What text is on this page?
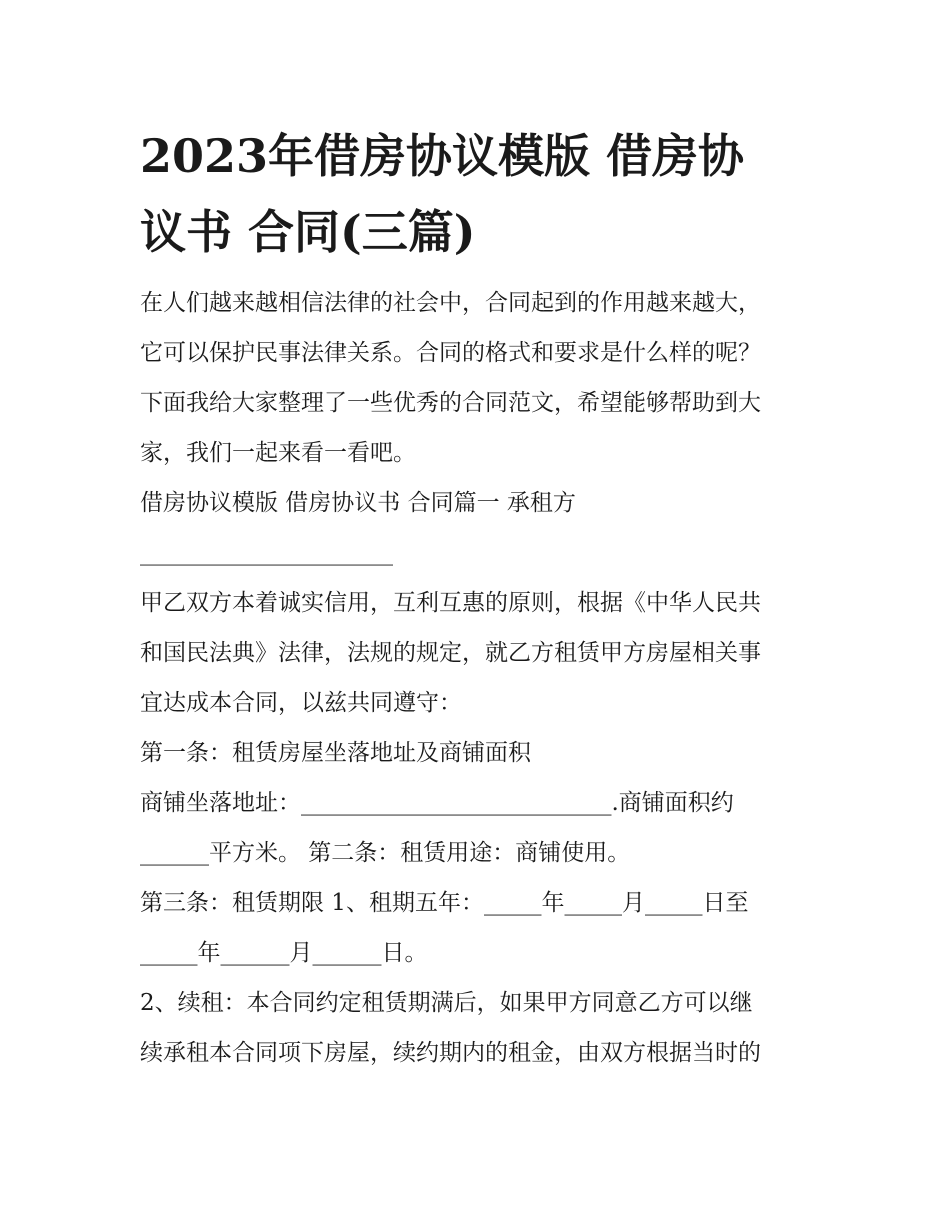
2023年借房协议模版 借房协
议书 合同(三篇)

在人们越来越相信法律的社会中，合同起到的作用越来越大，

它可以保护民事法律关系。合同的格式和要求是什么样的呢？

下面我给大家整理了一些优秀的合同范文，希望能够帮助到大

家，我们一起来看一看吧。

借房协议模版 借房协议书 合同篇一 承租方

______________________

甲乙双方本着诚实信用，互利互惠的原则，根据《中华人民共

和国民法典》法律，法规的规定，就乙方租赁甲方房屋相关事

宜达成本合同，以兹共同遵守：

第一条：租赁房屋坐落地址及商铺面积

商铺坐落地址：___________________________.商铺面积约

______平方米。 第二条：租赁用途：商铺使用。

第三条：租赁期限 1、租期五年：_____年_____月_____日至

_____年______月______日。

2、续租：本合同约定租赁期满后，如果甲方同意乙方可以继

续承租本合同项下房屋，续约期内的租金，由双方根据当时的
